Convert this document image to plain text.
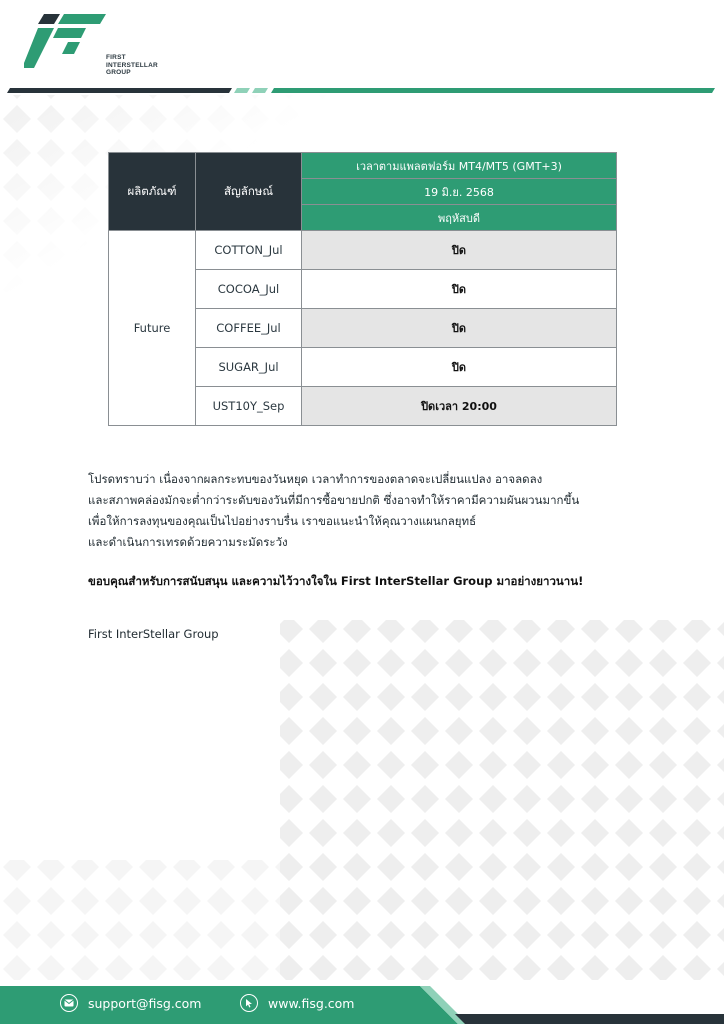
FIRST
INTERSTELLAR
GROUP
ผลิตภัณฑ์	สัญลักษณ์	เวลาตามแพลตฟอร์ม MT4/MT5 (GMT+3)
		19 มิ.ย. 2568
		พฤหัสบดี
Future	COTTON_Jul	ปิด
	COCOA_Jul	ปิด
	COFFEE_Jul	ปิด
	SUGAR_Jul	ปิด
	UST10Y_Sep	ปิดเวลา 20:00

โปรดทราบว่า เนื่องจากผลกระทบของวันหยุด เวลาทำการของตลาดจะเปลี่ยนแปลง อาจลดลง

และสภาพคล่องมักจะต่ำกว่าระดับของวันที่มีการซื้อขายปกติ ซึ่งอาจทำให้ราคามีความผันผวนมากขึ้น

เพื่อให้การลงทุนของคุณเป็นไปอย่างราบรื่น เราขอแนะนำให้คุณวางแผนกลยุทธ์

และดำเนินการเทรดด้วยความระมัดระวัง

ขอบคุณสำหรับการสนับสนุน และความไว้วางใจใน First InterStellar Group มาอย่างยาวนาน!
First InterStellar Group
support@fisg.com	www.fisg.com
